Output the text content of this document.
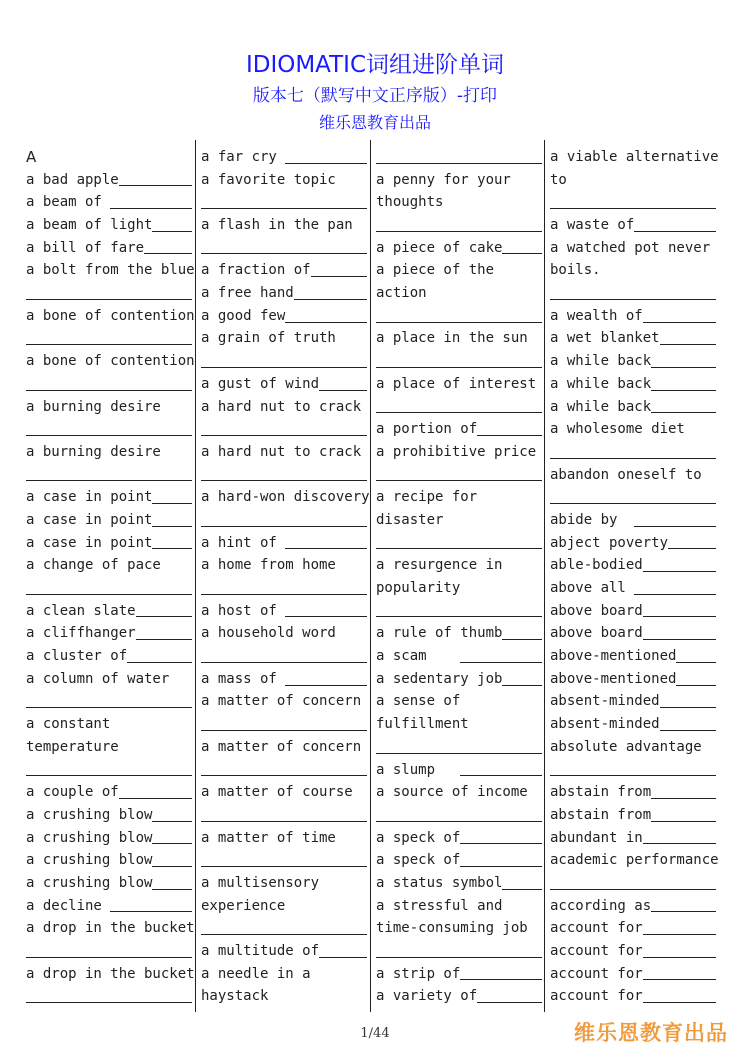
IDIOMATIC词组进阶单词
版本七（默写中文正序版）-打印
维乐恩教育出品
A
a bad apple
a beam of
a beam of light
a bill of fare
a bolt from the blue
a bone of contention
a bone of contention
a burning desire
a burning desire
a case in point
a case in point
a case in point
a change of pace
a clean slate
a cliffhanger
a cluster of
a column of water
a constant
temperature
a couple of
a crushing blow
a crushing blow
a crushing blow
a crushing blow
a decline
a drop in the bucket
a drop in the bucket
a far cry
a favorite topic
a flash in the pan
a fraction of
a free hand
a good few
a grain of truth
a gust of wind
a hard nut to crack
a hard nut to crack
a hard-won discovery
a hint of
a home from home
a host of
a household word
a mass of
a matter of concern
a matter of concern
a matter of course
a matter of time
a multisensory
experience
a multitude of
a needle in a
haystack
a penny for your
thoughts
a piece of cake
a piece of the
action
a place in the sun
a place of interest
a portion of
a prohibitive price
a recipe for
disaster
a resurgence in
popularity
a rule of thumb
a scam
a sedentary job
a sense of
fulfillment
a slump
a source of income
a speck of
a speck of
a status symbol
a stressful and
time-consuming job
a strip of
a variety of
a viable alternative
to
a waste of
a watched pot never
boils.
a wealth of
a wet blanket
a while back
a while back
a while back
a wholesome diet
abandon oneself to
abide by
abject poverty
able-bodied
above all
above board
above board
above-mentioned
above-mentioned
absent-minded
absent-minded
absolute advantage
abstain from
abstain from
abundant in
academic performance
according as
account for
account for
account for
account for
1/44	维乐恩教育出品
